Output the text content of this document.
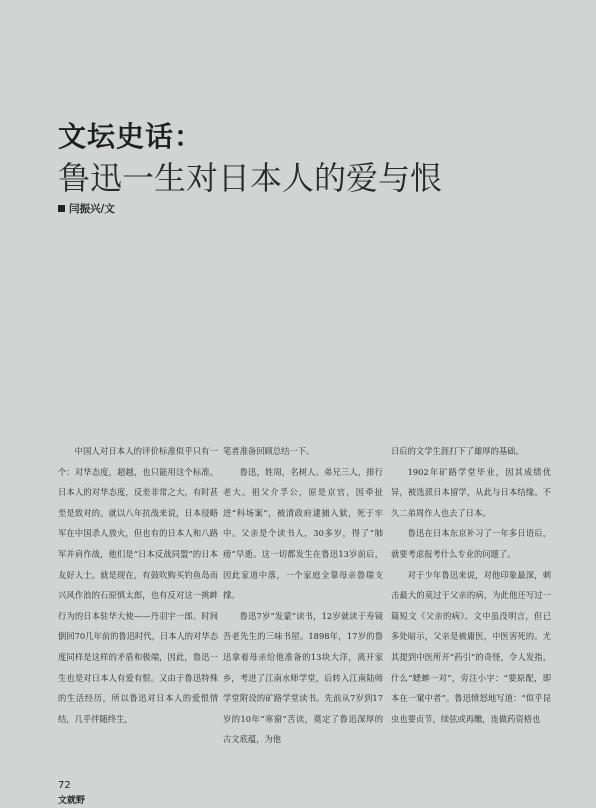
文坛史话：
鲁迅一生对日本人的爱与恨
闫振兴/文

中国人对日本人的评价标准似乎只有一个：对华态度，超越，也只能用这个标准。日本人的对华态度，反差非常之大，有时甚至是致对的。就以八年抗战来说，日本侵略军在中国杀人放火，但也有的日本人和八路军并肩作战，他们是“日本反战同盟”的日本友好人士。就是现在，有鼓吹购买钓鱼岛而兴风作浪的石原慎太郎，也有反对这一挑衅行为的日本驻华大使——丹羽宇一郎。时间倒回70几年前的鲁迅时代，日本人的对华态度同样是这样的矛盾和极端，因此，鲁迅一生也是对日本人有爱有恨。又由于鲁迅特殊的生活经历，所以鲁迅对日本人的爱恨情结，几乎伴随终生，

笔者准备回顾总结一下。

鲁迅，姓周，名树人。弟兄三人，排行老大。祖父介孚公，原是京官，因牵扯进“科场案”，被清政府逮捕入狱，死于牢中。父亲是个读书人，30多岁，得了“肺痨”早逝。这一切都发生在鲁迅13岁前后，因此家道中落，一个家庭全靠母亲鲁瑞支撑。

鲁迅7岁“发蒙”读书，12岁就读于寿镜吾老先生的三味书屋。1898年，17岁的鲁迅拿着母亲给他准备的13块大洋，离开家乡，考进了江南水师学堂，后转入江南陆师学堂附设的矿路学堂读书。先前从7岁到17岁的10年“寒窗”苦读，奠定了鲁迅深厚的古文底蕴，为他

日后的文学生涯打下了雄厚的基础。

1902年矿路学堂毕业，因其成绩优异，被选派日本留学，从此与日本结缘。不久二弟周作人也去了日本。

鲁迅在日本东京补习了一年多日语后，就要考虑报考什么专业的问题了。

对于少年鲁迅来说，对他印象最深，刺击最大的莫过于父亲的病，为此他还写过一篇短文《父亲的病》。文中虽没明言，但已多处暗示，父亲是被庸医，中医害死的。尤其提到中医所开“药引”的奇怪，令人发指，什么“蟋蟀一对”，旁注小字：“要原配，即本在一窠中者”。鲁迅愤怒地写道：“似乎昆虫也要贞节，续弦或再醮，连做药资格也

72
文就野
